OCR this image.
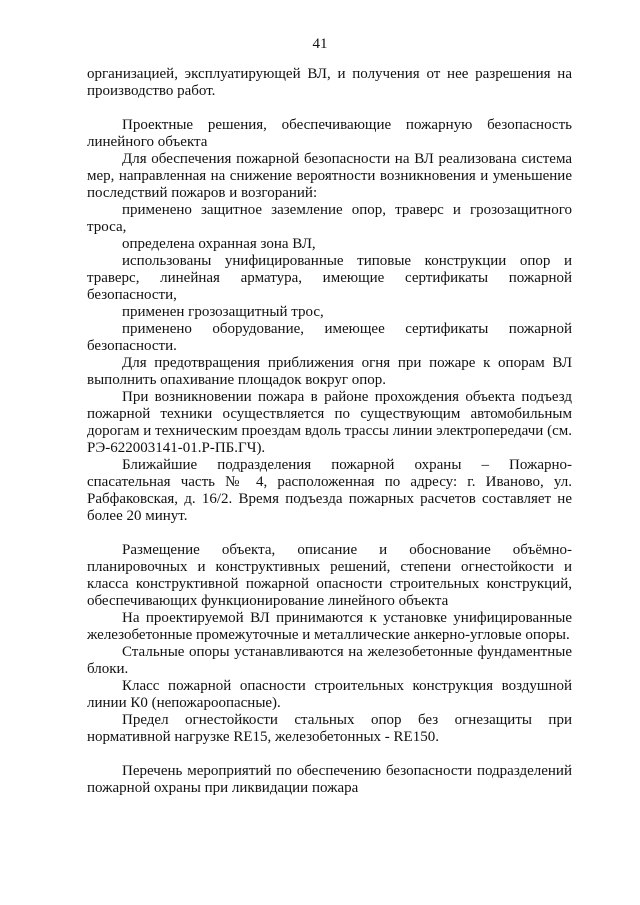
41

организацией, эксплуатирующей ВЛ, и получения от нее разрешения на производство работ.

Проектные решения, обеспечивающие пожарную безопасность линейного объекта

Для обеспечения пожарной безопасности на ВЛ реализована система мер, направленная на снижение вероятности возникновения и уменьшение последствий пожаров и возгораний:

применено защитное заземление опор, траверс и грозозащитного троса,

определена охранная зона ВЛ,

использованы унифицированные типовые конструкции опор и траверс, линейная арматура, имеющие сертификаты пожарной безопасности,

применен грозозащитный трос,

применено оборудование, имеющее сертификаты пожарной безопасности.

Для предотвращения приближения огня при пожаре к опорам ВЛ выполнить опахивание площадок вокруг опор.

При возникновении пожара в районе прохождения объекта подъезд пожарной техники осуществляется по существующим автомобильным дорогам и техническим проездам вдоль трассы линии электропередачи (см. РЭ-622003141-01.Р-ПБ.ГЧ).

Ближайшие подразделения пожарной охраны – Пожарно-спасательная часть № 4, расположенная по адресу: г. Иваново, ул. Рабфаковская, д. 16/2. Время подъезда пожарных расчетов составляет не более 20 минут.

Размещение объекта, описание и обоснование объёмно-планировочных и конструктивных решений, степени огнестойкости и класса конструктивной пожарной опасности строительных конструкций, обеспечивающих функционирование линейного объекта

На проектируемой ВЛ принимаются к установке унифицированные железобетонные промежуточные и металлические анкерно-угловые опоры.

Стальные опоры устанавливаются на железобетонные фундаментные блоки.

Класс пожарной опасности строительных конструкция воздушной линии К0 (непожароопасные).

Предел огнестойкости стальных опор без огнезащиты при нормативной нагрузке RE15, железобетонных - RE150.

Перечень мероприятий по обеспечению безопасности подразделений пожарной охраны при ликвидации пожара
